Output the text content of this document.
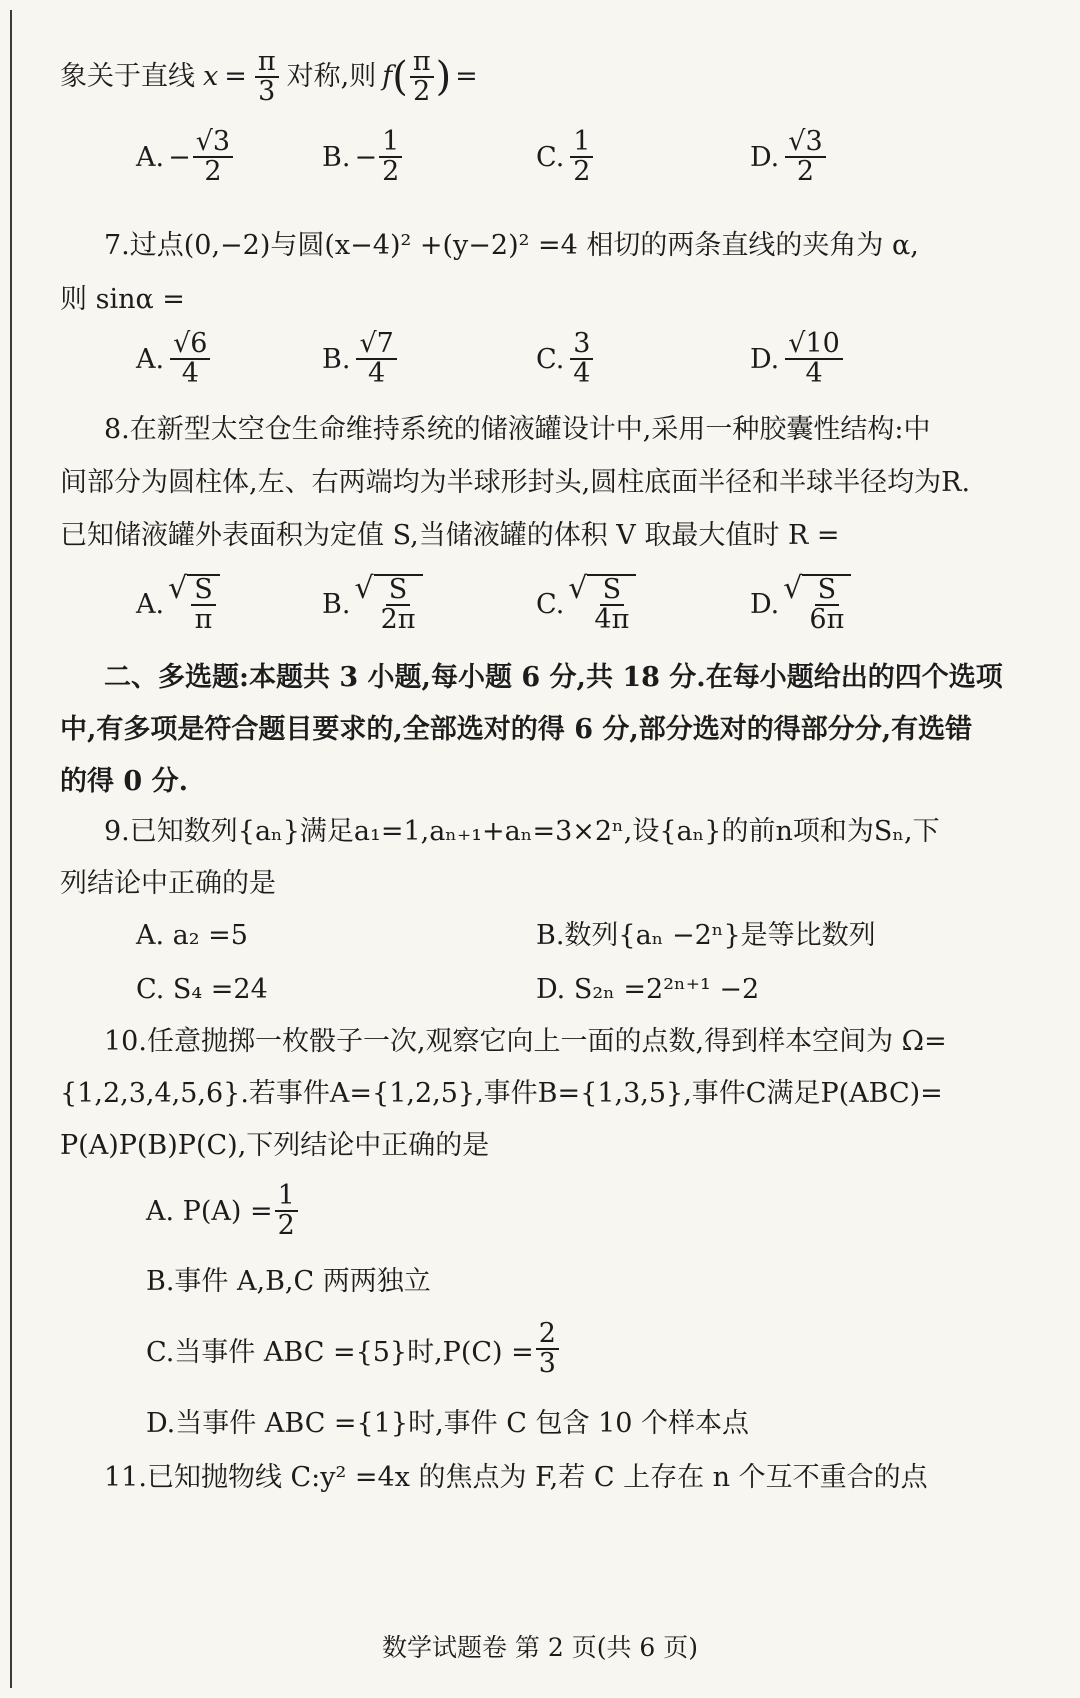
象关于直线 $x = \frac{\pi}{3}$ 对称,则 f ( $\frac{\pi}{2}$ ) =
A. − $\frac{√3}{2}$	B. − $\frac{1}{2}$	C. $\frac{1}{2}$	D. $\frac{√3}{2}$
7.过点(0,−2)与圆(x−4)² +(y−2)² =4 相切的两条直线的夹角为 α,
则 sinα =
A. $\frac{√6}{4}$	B. $\frac{√7}{4}$	C. $\frac{3}{4}$	D. $\frac{√10}{4}$
8.在新型太空仓生命维持系统的储液罐设计中,采用一种胶囊性结构:中
间部分为圆柱体,左、右两端均为半球形封头,圆柱底面半径和半球半径均为R.
已知储液罐外表面积为定值 S,当储液罐的体积 V 取最大值时 R =
A. √ $\frac{S}{\pi}$	B. √ $\frac{S}{2\pi}$	C. √ $\frac{S}{4\pi}$	D. √ $\frac{S}{6\pi}$
二、多选题:本题共 3 小题,每小题 6 分,共 18 分.在每小题给出的四个选项
中,有多项是符合题目要求的,全部选对的得 6 分,部分选对的得部分分,有选错
的得 0 分.
9.已知数列{aₙ}满足a₁=1,aₙ₊₁+aₙ=3×2ⁿ,设{aₙ}的前n项和为Sₙ,下
列结论中正确的是
A. a₂ =5	B.数列{aₙ −2ⁿ}是等比数列
C. S₄ =24	D. S₂ₙ =2²ⁿ⁺¹ −2
10.任意抛掷一枚骰子一次,观察它向上一面的点数,得到样本空间为 Ω=
{1,2,3,4,5,6}.若事件A={1,2,5},事件B={1,3,5},事件C满足P(ABC)=
P(A)P(B)P(C),下列结论中正确的是
A. $P(A) = \frac{1}{2}$
B.事件 A,B,C 两两独立
C.当事件 ABC ={5}时$,P(C) = \frac{2}{3}$
D.当事件 ABC ={1}时,事件 C 包含 10 个样本点
11.已知抛物线 C:y² =4x 的焦点为 F,若 C 上存在 n 个互不重合的点
数学试题卷 第 2 页(共 6 页)
